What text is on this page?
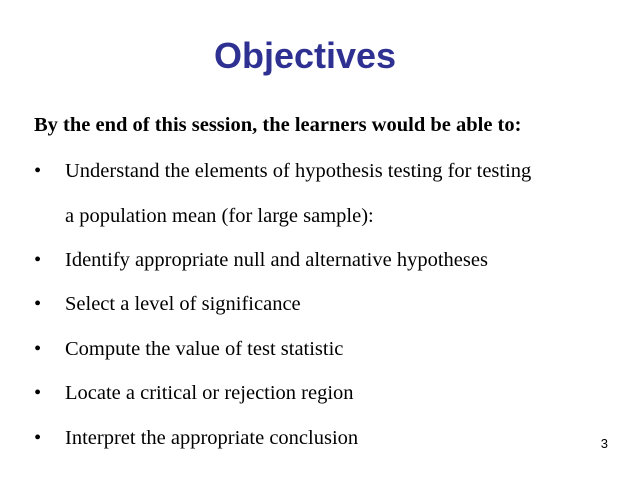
Objectives
By the end of this session, the learners would be able to:
•	Understand the elements of hypothesis testing for testing
a population mean (for large sample):
•	Identify appropriate null and alternative hypotheses
•	Select a level of significance
•	Compute the value of test statistic
•	Locate a critical or rejection region
•	Interpret the appropriate conclusion	3
